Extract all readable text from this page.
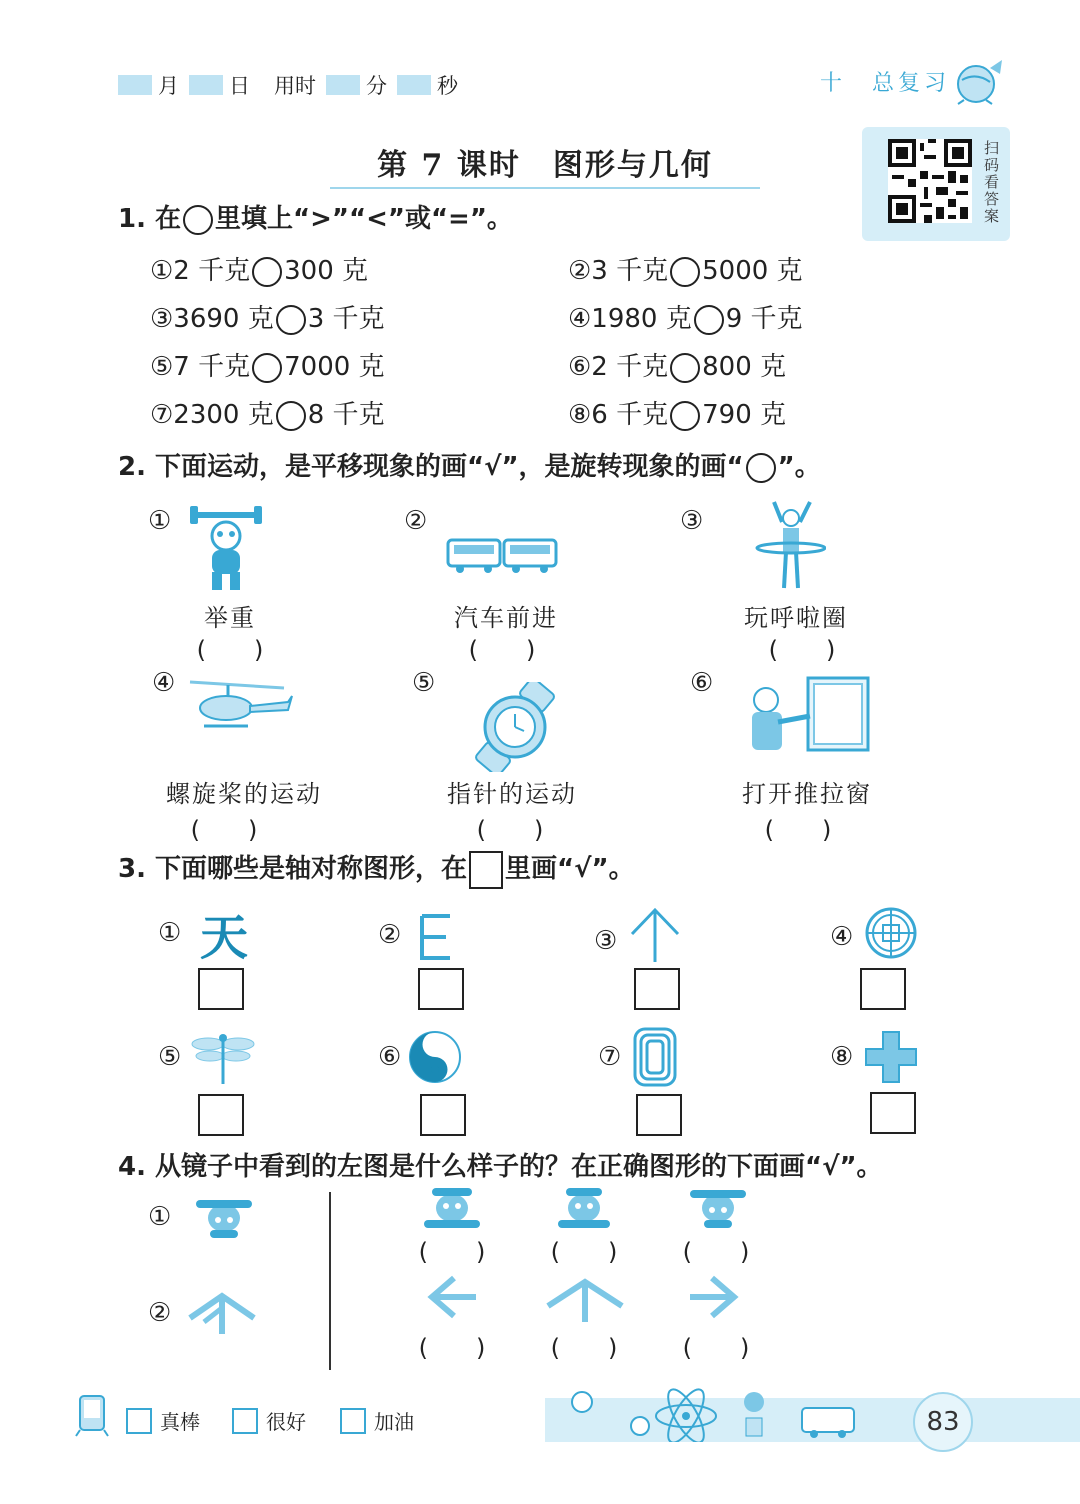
月 日 用时 分 秒	十　总复习
第 7 课时　图形与几何	扫码看答案
1. 在 里填上“>”“<”或“=”。
①2 千克 300 克	②3 千克 5000 克
③3690 克 3 千克	④1980 克 9 千克
⑤7 千克 7000 克	⑥2 千克 800 克
⑦2300 克 8 千克	⑧6 千克 790 克
2. 下面运动，是平移现象的画“√”，是旋转现象的画“ ”。
①
举重
(　　)
②
汽车前进
(　　)
③
玩呼啦圈
(　　)
④
螺旋桨的运动
(　　)
⑤
指针的运动
(　　)
⑥
打开推拉窗
(　　)
3. 下面哪些是轴对称图形，在 里画“√”。
① 天	②	③	④
⑤	⑥	⑦	⑧
4. 从镜子中看到的左图是什么样子的？在正确图形的下面画“√”。
①
(　　)	(　　)	(　　)
②
(　　)	(　　)	(　　)
真棒	很好	加油	83
